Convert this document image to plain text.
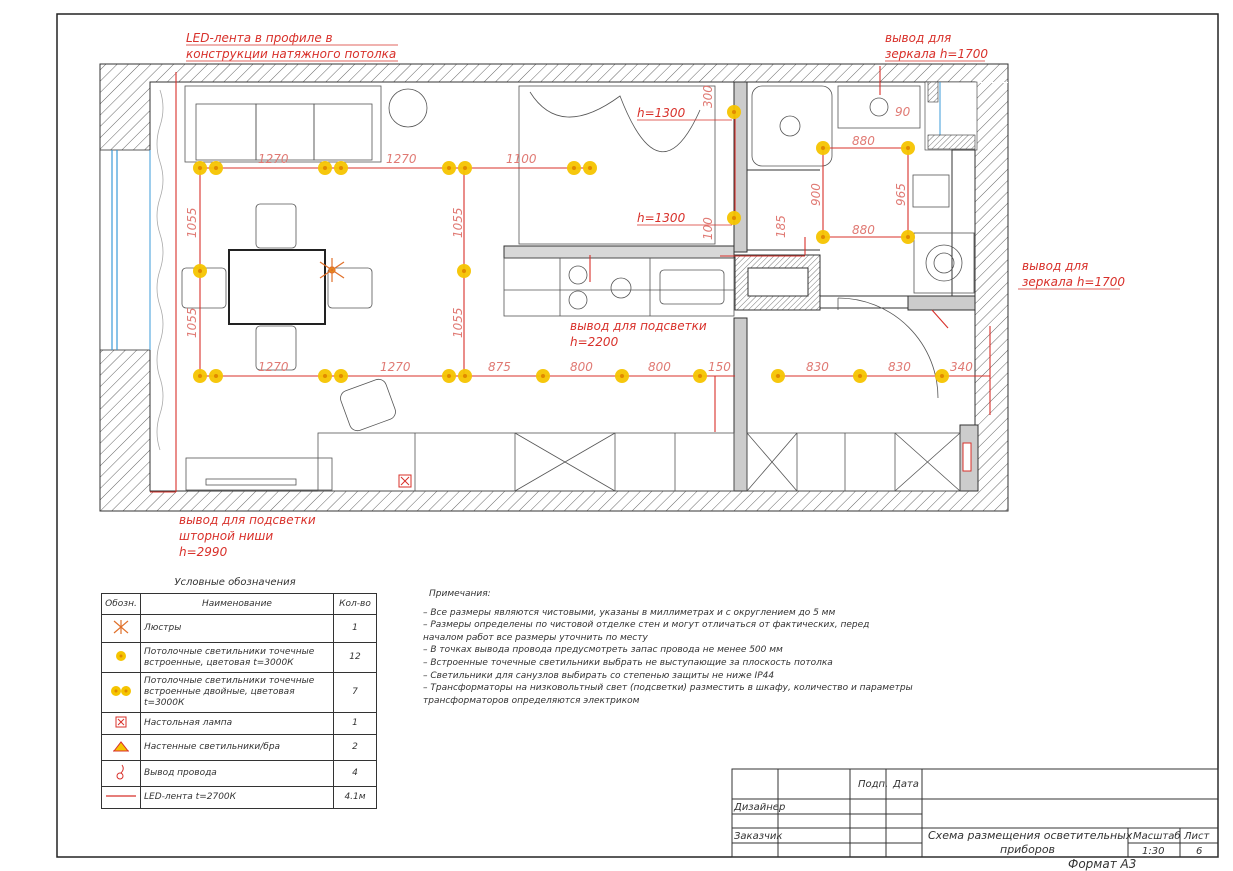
1270	1270	1100
1055	1055
1055	1055
1270	1270	875	800	800	150	830	830	340
880
880
900	965
90
300
100	185
LED-лента в профиле в
конструкции натяжного потолка
вывод для
зеркала h=1700
вывод для
зеркала h=1700
вывод для подсветки
h=2200
вывод для подсветки
шторной ниши
h=2990
h=1300
h=1300
Подп. Дата
Дизайнер
Заказчик	Схема размещения осветительных
приборов
Масштаб Лист
1:30	6
Условные обозначения
Обозн.	Наименование	Кол-во
	Люстры	1
	Потолочные светильники точечные встроенные, цветовая t=3000К	12
	Потолочные светильники точечные встроенные двойные, цветовая t=3000К	7
	Настольная лампа	1
	Настенные светильники/бра	2
	Вывод провода	4
	LED-лента t=2700К	4.1м
Примечания:
– Все размеры являются чистовыми, указаны в миллиметрах и с округлением до 5 мм
– Размеры определены по чистовой отделке стен и могут отличаться от фактических, перед
началом работ все размеры уточнить по месту
– В точках вывода провода предусмотреть запас провода не менее 500 мм
– Встроенные точечные светильники выбрать не выступающие за плоскость потолка
– Светильники для санузлов выбирать со степенью защиты не ниже IP44
– Трансформаторы на низковольтный свет (подсветки) разместить в шкафу, количество и параметры
трансформаторов определяются электриком
Формат А3
